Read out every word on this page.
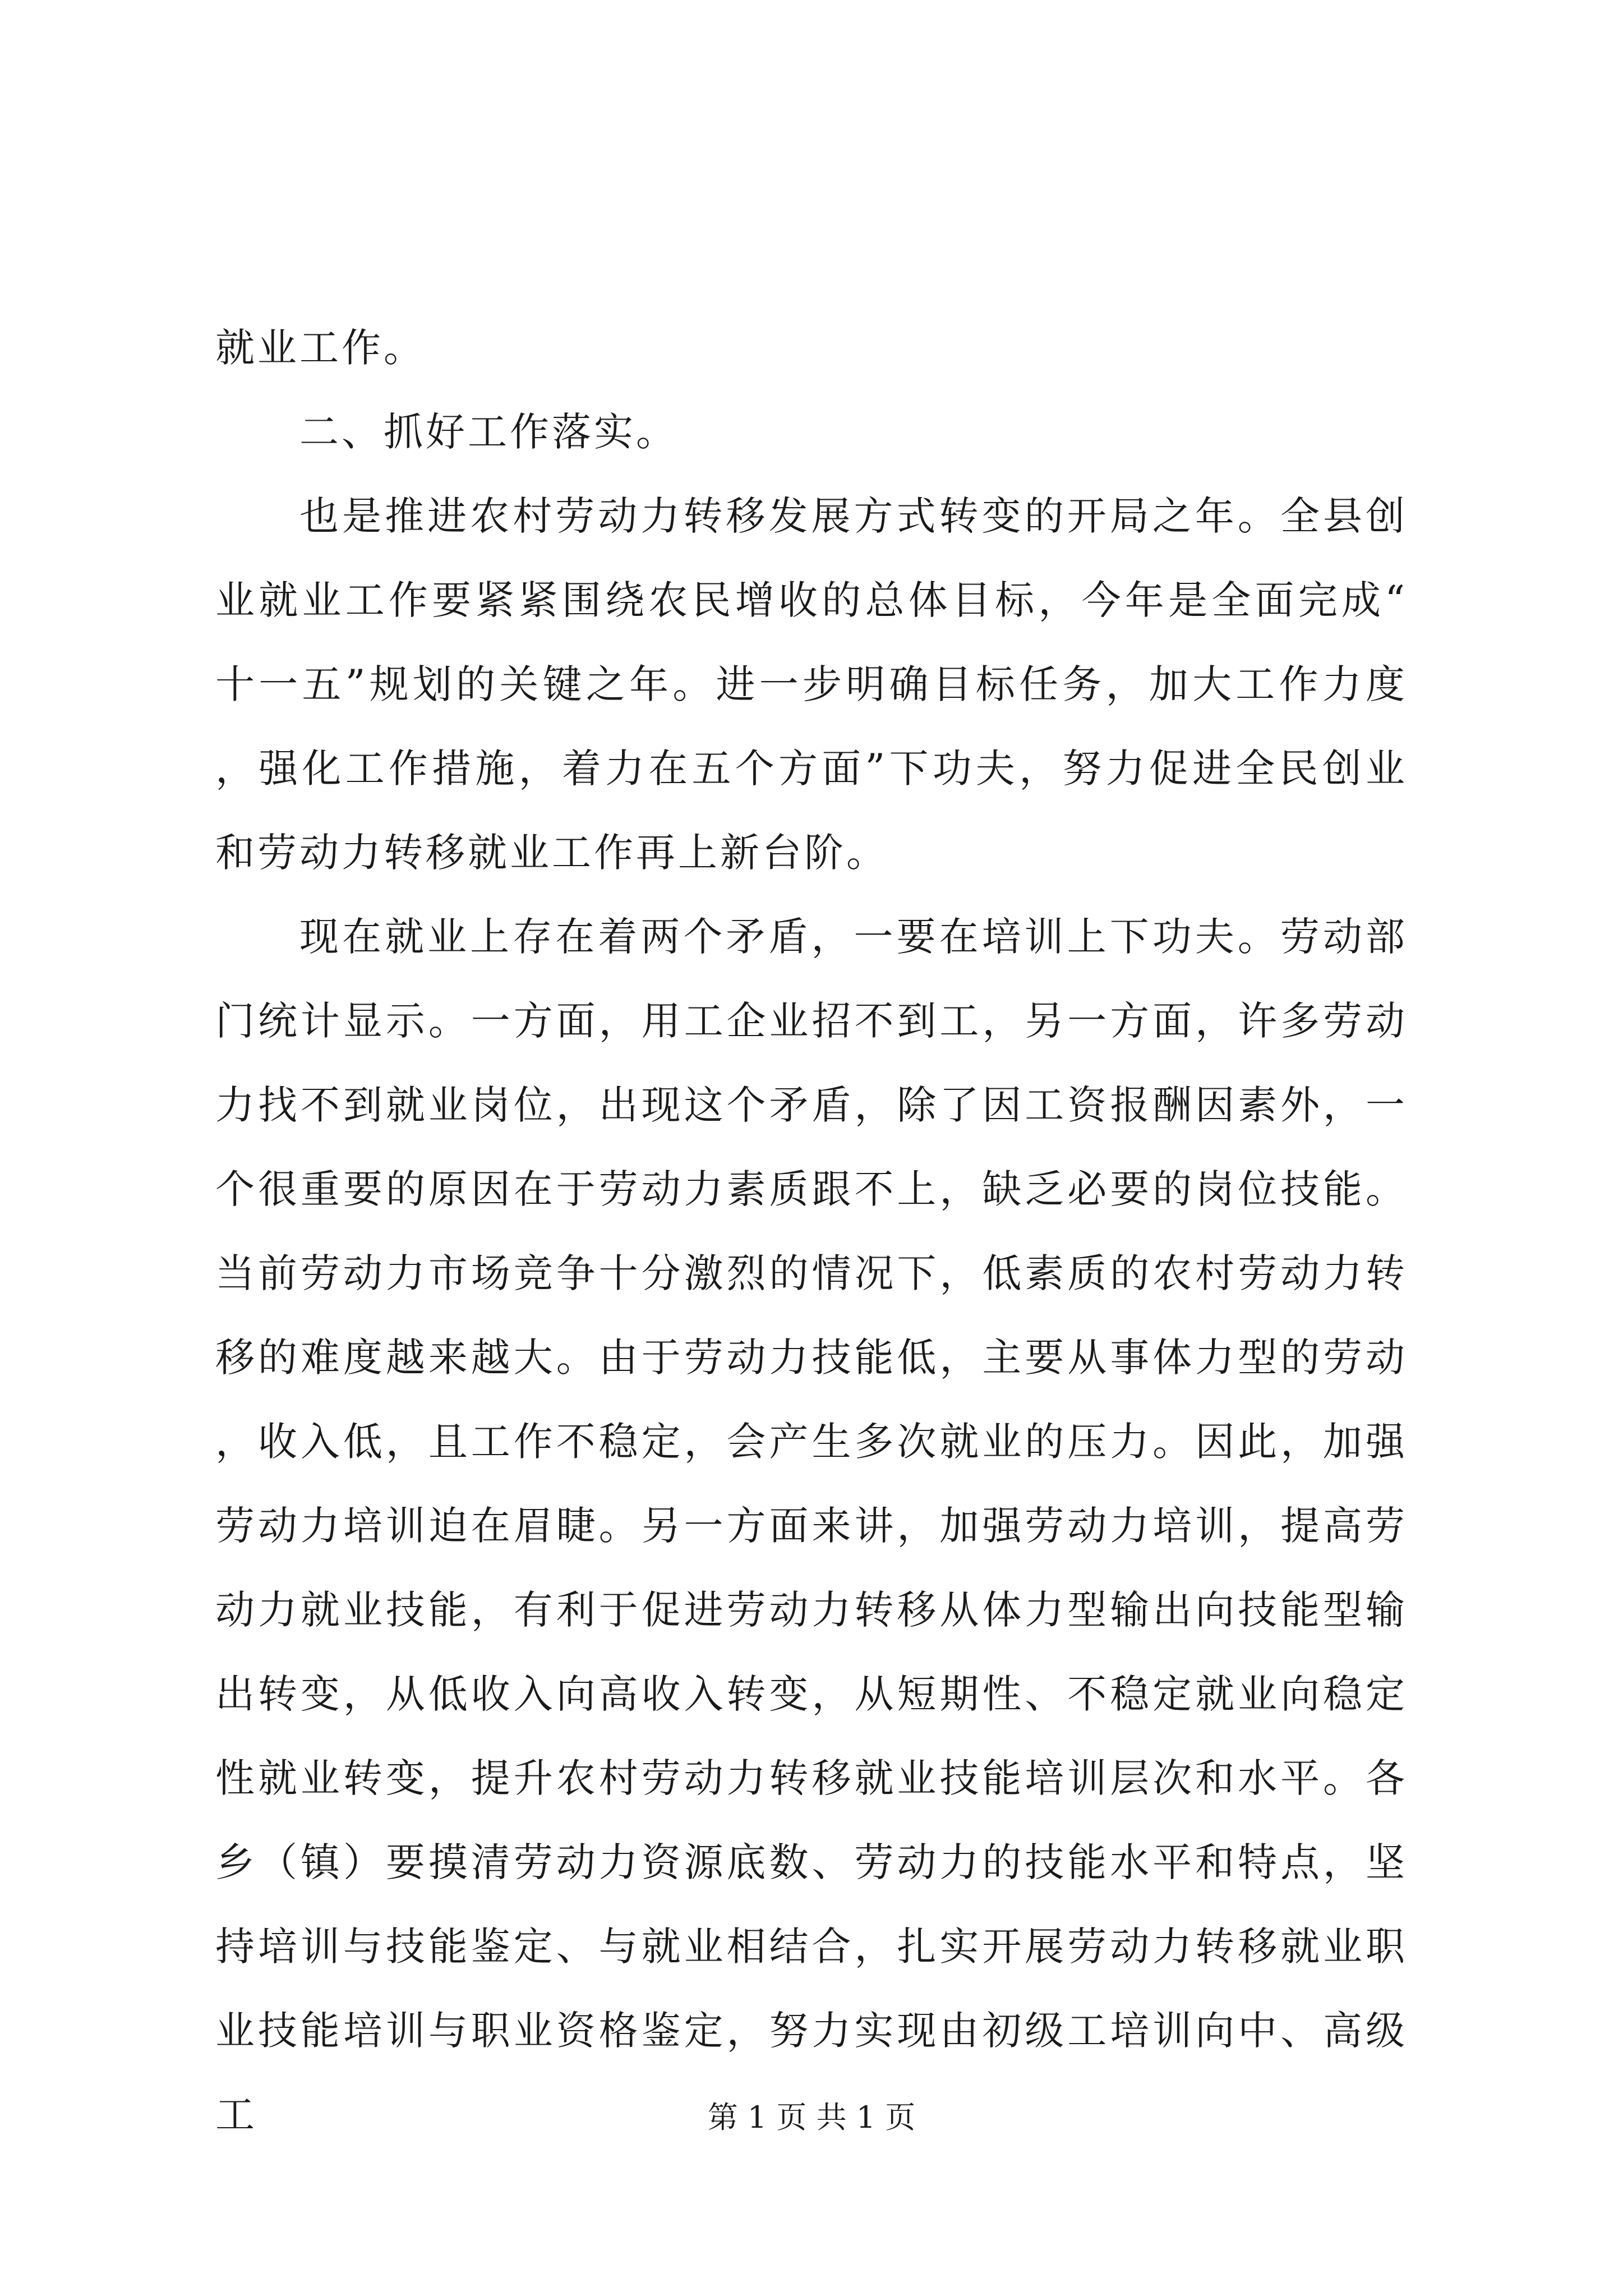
就业工作。

二、抓好工作落实。

也是推进农村劳动力转移发展方式转变的开局之年。全县创业就业工作要紧紧围绕农民增收的总体目标，今年是全面完成“十一五”规划的关键之年。进一步明确目标任务，加大工作力度，强化工作措施，着力在五个方面”下功夫，努力促进全民创业和劳动力转移就业工作再上新台阶。

现在就业上存在着两个矛盾，一要在培训上下功夫。劳动部门统计显示。一方面，用工企业招不到工，另一方面，许多劳动力找不到就业岗位，出现这个矛盾，除了因工资报酬因素外，一个很重要的原因在于劳动力素质跟不上，缺乏必要的岗位技能。当前劳动力市场竞争十分激烈的情况下，低素质的农村劳动力转移的难度越来越大。由于劳动力技能低，主要从事体力型的劳动，收入低，且工作不稳定，会产生多次就业的压力。因此，加强劳动力培训迫在眉睫。另一方面来讲，加强劳动力培训，提高劳动力就业技能，有利于促进劳动力转移从体力型输出向技能型输出转变，从低收入向高收入转变，从短期性、不稳定就业向稳定性就业转变，提升农村劳动力转移就业技能培训层次和水平。各乡（镇）要摸清劳动力资源底数、劳动力的技能水平和特点，坚持培训与技能鉴定、与就业相结合，扎实开展劳动力转移就业职业技能培训与职业资格鉴定，努力实现由初级工培训向中、高级工	第 1 页 共 1 页
